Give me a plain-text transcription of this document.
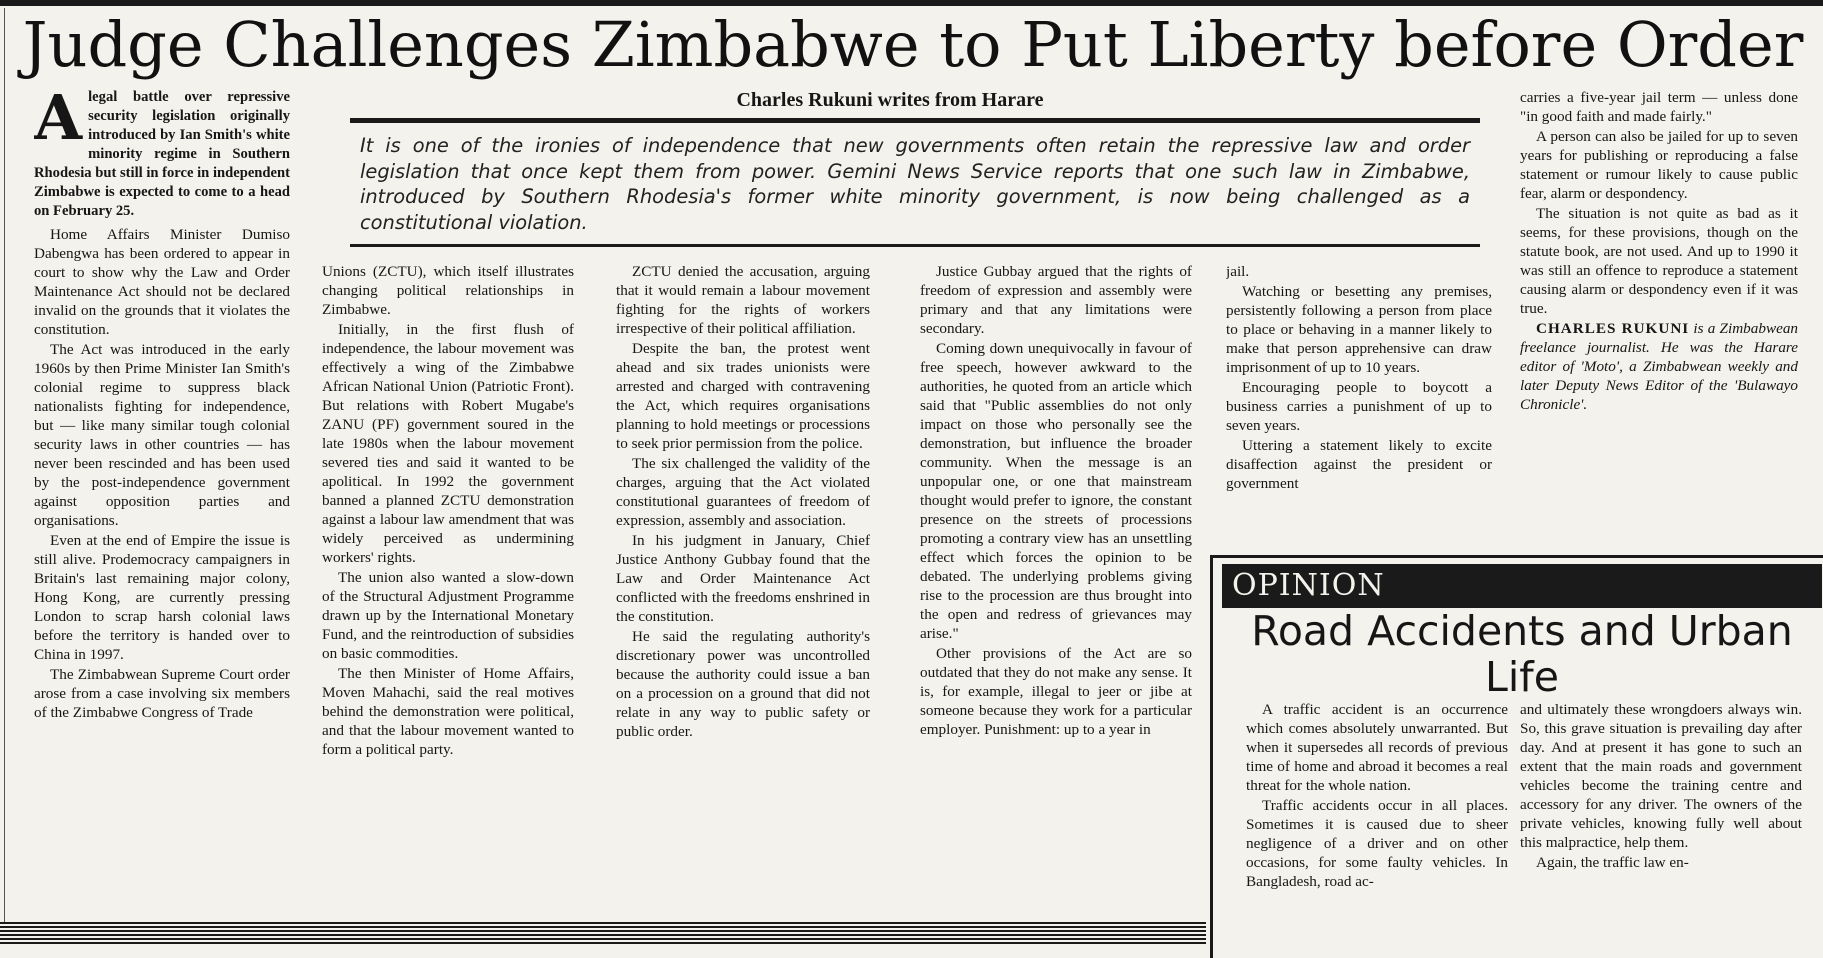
Judge Challenges Zimbabwe to Put Liberty before Order
Charles Rukuni writes from Harare
It is one of the ironies of independence that new governments often retain the repressive law and order legislation that once kept them from power. Gemini News Service reports that one such law in Zimbabwe, introduced by Southern Rhodesia's former white minority government, is now being challenged as a constitutional violation.

Alegal battle over repressive security legislation originally introduced by Ian Smith's white minority regime in Southern Rhodesia but still in force in independent Zimbabwe is expected to come to a head on February 25.

Home Affairs Minister Dumiso Dabengwa has been ordered to appear in court to show why the Law and Order Maintenance Act should not be declared invalid on the grounds that it violates the constitution.

The Act was introduced in the early 1960s by then Prime Minister Ian Smith's colonial regime to suppress black nationalists fighting for independence, but — like many similar tough colonial security laws in other countries — has never been rescinded and has been used by the post-independence government against opposition parties and organisations.

Even at the end of Empire the issue is still alive. Prodemocracy campaigners in Britain's last remaining major colony, Hong Kong, are currently pressing London to scrap harsh colonial laws before the territory is handed over to China in 1997.

The Zimbabwean Supreme Court order arose from a case involving six members of the Zimbabwe Congress of Trade

Unions (ZCTU), which itself illustrates changing political relationships in Zimbabwe.

Initially, in the first flush of independence, the labour movement was effectively a wing of the Zimbabwe African National Union (Patriotic Front). But relations with Robert Mugabe's ZANU (PF) government soured in the late 1980s when the labour movement severed ties and said it wanted to be apolitical. In 1992 the government banned a planned ZCTU demonstration against a labour law amendment that was widely perceived as undermining workers' rights.

The union also wanted a slow-down of the Structural Adjustment Programme drawn up by the International Monetary Fund, and the reintroduction of subsidies on basic commodities.

The then Minister of Home Affairs, Moven Mahachi, said the real motives behind the demonstration were political, and that the labour movement wanted to form a political party.

ZCTU denied the accusation, arguing that it would remain a labour movement fighting for the rights of workers irrespective of their political affiliation.

Despite the ban, the protest went ahead and six trades unionists were arrested and charged with contravening the Act, which requires organisations planning to hold meetings or processions to seek prior permission from the police.

The six challenged the validity of the charges, arguing that the Act violated constitutional guarantees of freedom of expression, assembly and association.

In his judgment in January, Chief Justice Anthony Gubbay found that the Law and Order Maintenance Act conflicted with the freedoms enshrined in the constitution.

He said the regulating authority's discretionary power was uncontrolled because the authority could issue a ban on a procession on a ground that did not relate in any way to public safety or public order.

Justice Gubbay argued that the rights of freedom of expression and assembly were primary and that any limitations were secondary.

Coming down unequivocally in favour of free speech, however awkward to the authorities, he quoted from an article which said that "Public assemblies do not only impact on those who personally see the demonstration, but influence the broader community. When the message is an unpopular one, or one that mainstream thought would prefer to ignore, the constant presence on the streets of processions promoting a contrary view has an unsettling effect which forces the opinion to be debated. The underlying problems giving rise to the procession are thus brought into the open and redress of grievances may arise."

Other provisions of the Act are so outdated that they do not make any sense. It is, for example, illegal to jeer or jibe at someone because they work for a particular employer. Punishment: up to a year in

jail.

Watching or besetting any premises, persistently following a person from place to place or behaving in a manner likely to make that person apprehensive can draw imprisonment of up to 10 years.

Encouraging people to boycott a business carries a punishment of up to seven years.

Uttering a statement likely to excite disaffection against the president or government

carries a five-year jail term — unless done "in good faith and made fairly."

A person can also be jailed for up to seven years for publishing or reproducing a false statement or rumour likely to cause public fear, alarm or despondency.

The situation is not quite as bad as it seems, for these provisions, though on the statute book, are not used. And up to 1990 it was still an offence to reproduce a statement causing alarm or despondency even if it was true.

CHARLES RUKUNI is a Zimbabwean freelance journalist. He was the Harare editor of 'Moto', a Zimbabwean weekly and later Deputy News Editor of the 'Bulawayo Chronicle'.

OPINION
Road Accidents and Urban Life

A traffic accident is an occurrence which comes absolutely unwarranted. But when it supersedes all records of previous time of home and abroad it becomes a real threat for the whole nation.

Traffic accidents occur in all places. Sometimes it is caused due to sheer negligence of a driver and on other occasions, for some faulty vehicles. In Bangladesh, road ac-

and ultimately these wrongdoers always win. So, this grave situation is prevailing day after day. And at present it has gone to such an extent that the main roads and government vehicles become the training centre and accessory for any driver. The owners of the private vehicles, knowing fully well about this malpractice, help them.

Again, the traffic law en-
